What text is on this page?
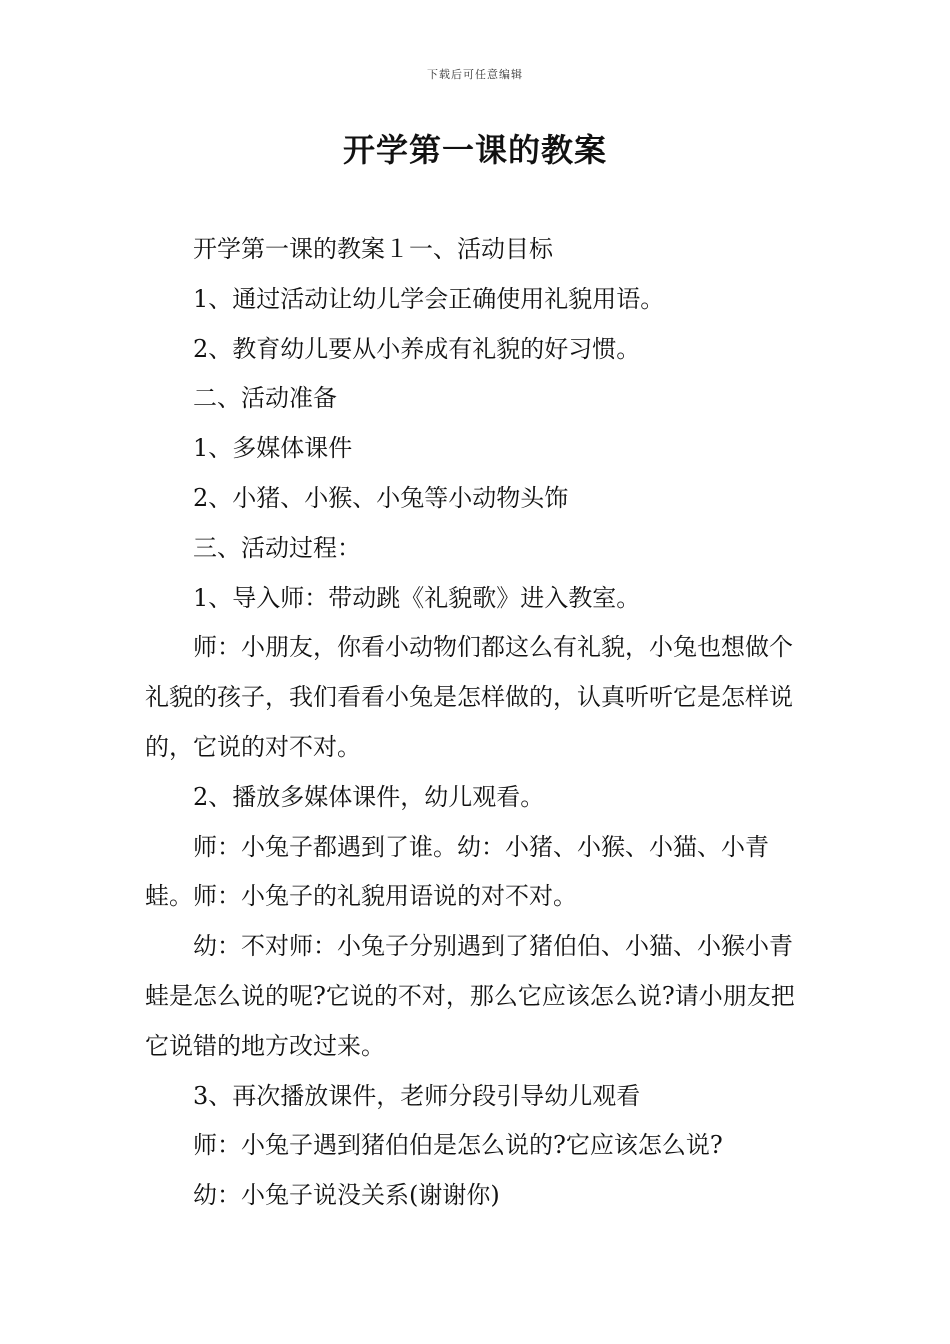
下载后可任意编辑
开学第一课的教案

开学第一课的教案１一、活动目标

1、通过活动让幼儿学会正确使用礼貌用语。

2、教育幼儿要从小养成有礼貌的好习惯。

二、活动准备

1、多媒体课件

2、小猪、小猴、小兔等小动物头饰

三、活动过程：

1、导入师：带动跳《礼貌歌》进入教室。

师：小朋友，你看小动物们都这么有礼貌，小兔也想做个礼貌的孩子，我们看看小兔是怎样做的，认真听听它是怎样说的，它说的对不对。

2、播放多媒体课件，幼儿观看。

师：小兔子都遇到了谁。幼：小猪、小猴、小猫、小青蛙。师：小兔子的礼貌用语说的对不对。

幼：不对师：小兔子分别遇到了猪伯伯、小猫、小猴小青蛙是怎么说的呢?它说的不对，那么它应该怎么说?请小朋友把它说错的地方改过来。

3、再次播放课件，老师分段引导幼儿观看

师：小兔子遇到猪伯伯是怎么说的?它应该怎么说?

幼：小兔子说没关系(谢谢你)
